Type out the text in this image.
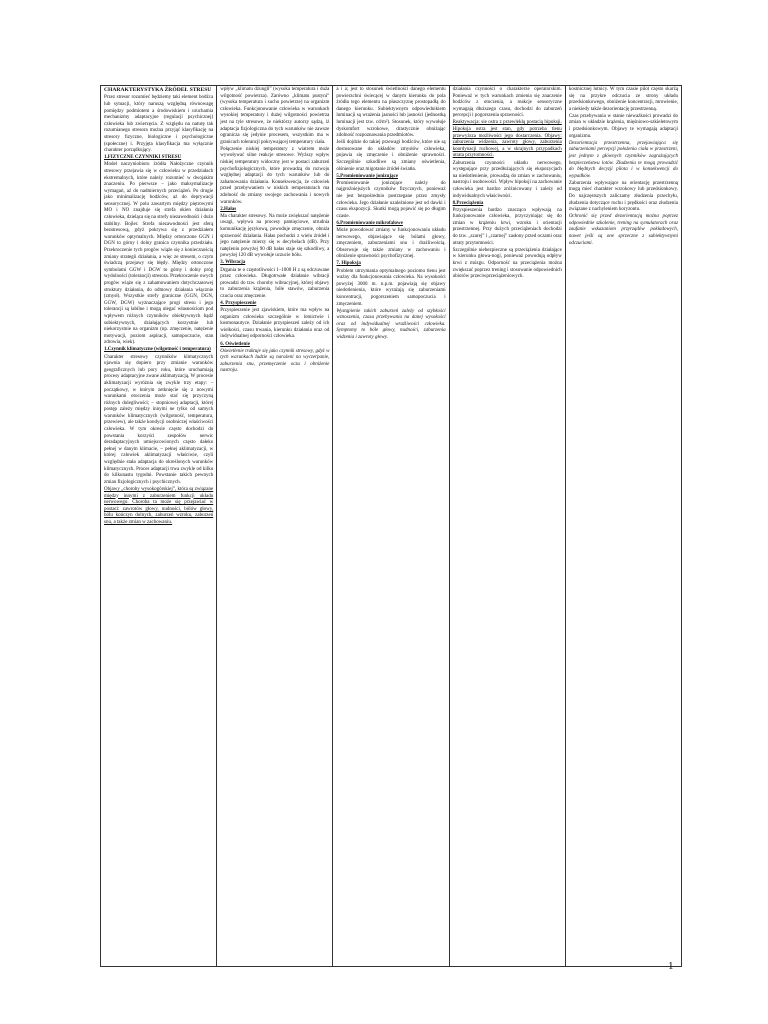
CHARAKTERYSTYKA ŹRÓDEŁ STRESU

Przez stresor rozumieć będziemy taki element bodźca lub sytuacji, który naruszą względną równowagę pomiędzy podmiotem a środowiskiem i uruchamia mechanizmy adaptacyjne (regulacji psychicznej) człowieka lub zwierzęcia. Z względu na naturę tak rozumianego stresora można przyjąć klasyfikację na stresory fizyczne, biologiczne i psychologiczne (społeczne) i. Przyjęta klasyfikacja ma wyłącznie charakter porządkujący.

1.FIZYCZNE CZYNNIKI STRESU

Model naczyniobioru źródła Nałożyczne czynnik stresowy przejawia się w człowieku w przedziałach ekstremalnych, które należy rozumieć w dwojakim znaczeniu. Po pierwsze – jako maksymalizacje wymagań, aż do nadmiernych przeciążeń. Po drugie jako minimalizację bodźców, aż do deprywacji sensorycznej. W polu zawartym między piętrowymi MO i NO znajduje się strefa okien działania człowieka, dzieląca się na strefy niezawodności i dużo stabilny. Bojler. Strefa niezawodności jest sferą bezstresową, gdyż pokrywa się z przedziałem warunków optymalnych. Między ortonczone GGN i DGN to górny i dolny granica czynnika przedziału. Przekroczenie tych progów wiąże się z koniecznością zmiany strategii działania, a więc ze stresem, o czym świadczą przejawy się błędy. Między ortonczone symbolami GGW i DGW to górny i dolny próg wydolności (tolerancji) stresora. Przekroczenie owych progów wiąże się z zahamowaniem dotychczasowej struktury działania, do odmowy działania włącznie (zmysł). Wszystkie strefy graniczne (GGN, DGN, GGW, DGW) wyznaczające progi stresu i jego tolerancji są labilne i mogą ulegać własnościom pod wpływem różnych czynników obiektywnych bądź subiektywnych, działających korzystnie lub niekorzystnie na organizm (np. zmęczenie, natężenie motywacji, poziom aspiracji, samopoczucie, stan zdrowia, wiek).

1.Czynnik klimatyczne (wilgotność i temperatura)

Charakter stresowy czynników klimatycznych ujawnia się dopiero przy zmianie warunków geograficznych lub pory roku, które uruchamiają procesy adaptacyjne zwane aklimatyzacją. W procesie aklimatyzacji wyróżnia się zwykle trzy etapy: – początkowy, w którym zetknięcie się z nowymi warunkami otoczenia może stać się przyczyną różnych dolegliwości; – stopniowej adaptacji, której postęp zależy między innymi ne tylko od samych warunków klimatycznych (wilgotność, temperatura, przewiew), ale także kondycji osobniczej właściwości człowieka. W tym okresie często dochodzi do powstania korzyści zespołów nerwic deradaptacyjnych umiejscowionych często dałeko pełnej w danym klimacie, – pełnej aklimatyzacji, w której człowiek aklimatyzacji właściwie, czyli względnie stała adaptacja do określonych warunków klimatycznych. Proces adaptacji trwa zwykle od kilku do kilkunastu tygodni. Powstanie takich pewnych zmian fizjologicznych i psychicznych.

Objawy „choroby wysokogórskiej”, która są związane między innymi z zaburzeniem funkcji układu nerwowego. Choroba ta może się przejawiać w postaci: zawrotów głowy, nudności, bólów głowy, bólu kończyn dolnych, zaburzeń wzroku, zaburzeń snu, a także zmian w zachowaniu.

wpływ „klimatu dżungli” (wysoka temperatura i duża wilgotność powietrza). Zarówno „klimatu pustyni” (wysoka temperatura i sucho powietrze) na organizm człowieka. Funkcjonowanie człowieka w warunkach wysokiej temperatury i dużej wilgotności powietrza jest na tyle stresowe, że niektórzy autorzy sądzą, iż adaptacja fizjologiczna do tych warunków nie zawsze ogranicza się jedynie procesem, wszystkim ma w granicach tolerancji pokrywającej temperatury ciała.

Połączenie niskiej temperatury z wiatrem może wywoływać silne reakcje stresowe. Wyższy wpływ niskiej temperatury widoczny jest w postaci zaburzeń psychofizjologicznych, które prowadzą do rozwoju względnej adaptacji do tych warunków lub do zahamowania działania. Konsekwencja, że człowiek przed przebywaniem w niskich temperaturach ma zdolność do zmiany swojego zachowania i nowych warunków.

2.Hałas

Ma charakter stresowy. Na może zwiększać natężenie uwagi, wpływa na procesy pamięciowe, utrudnia komunikację językową, powoduje zmęczenie, obniża sprawność działania. Hałas pochodzi z wielu źródeł i jego natężenie mierzy się w decybelach (dB). Przy natężeniu powyżej 90 dB hałas staje się szkodliwy, a powyżej 120 dB wywołuje uczucie bólu.

3. Wibracja

Drgania te o częstotliwości 1–1000 H z są odczuwane przez człowieka. Długotrwałe działanie wibracji prowadzi do tzw. choroby wibracyjnej, której objawy to zaburzenia krążenia, bóle stawów, zaburzenia czucia oraz zmęczenie.

4. Przyspieszenie

Przyspieszenie jest zjawiskiem, które ma wpływ na organizm człowieka szczególnie w lotnictwie i kosmonautyce. Działanie przyspieszeń zależy od ich wielkości, czasu trwania, kierunku działania oraz od indywidualnej odporności człowieka.

6. Oświetlenie

Oświetlenie traktuje się jako czynnik stresowy, gdyż w tych warunkach ludzie są narażeni na wyczerpanie, zaburzenia snu, przemęczenie oczu i obniżenie nastroju.

a i a; jest to stosunek świetlności danego elementu powierzchni świecącej w danym kierunku do pola źródła tego elementu na płaszczyznę prostopadłą do danego kierunku. Subiektywnym odpowiednikiem luminacji są wrażenia jasności lub jasności (jednostką luminacji jest tzw. cd/m²). Stosunek, który wywołuje dyskomfort wzrokowe, drastycznie obniżając zdolność rozpoznawania przedmiotów.

Jeśli dojdzie do takiej przewagi bodźców, które nie są dostosowane do układów zmysłów człowieka, pojawia się zmęczenie i obniżenie sprawności. Szczególnie szkodliwe są zmiany oświetlenia, olśnienie oraz migotanie źródeł światła.

5.Promieniowanie jonizujące

Promieniowanie jonizujące należy do najgroźniejszych czynników fizycznych, ponieważ nie jest bezpośrednio postrzegane przez zmysły człowieka. Jego działanie uzależnione jest od dawki i czasu ekspozycji. Skutki mogą pojawić się po długim czasie.

6.Promieniowanie mikrofalowe

Może powodować zmiany w funkcjonowaniu układu nerwowego, objawiające się bólami głowy, zmęczeniem, zaburzeniami snu i drażliwością. Obserwuje się także zmiany w zachowaniu i obniżenie sprawności psychofizycznej.

7. Hipoksja

Problem utrzymania optymalnego poziomu tlenu jest ważny dla funkcjonowania człowieka. Na wysokości powyżej 3000 m. n.p.m. pojawiają się objawy niedotlenienia, które wyrażają się zaburzeniami koncentracji, pogorszeniem samopoczucia i zmęczeniem.

Wystąpienie takich zaburzeń zależy od szybkości wznoszenia, czasu przebywania na danej wysokości oraz od indywidualnej wrażliwości człowieka. Symptomy to bóle głowy, nudności, zaburzenia widzenia i zawroty głowy.

działania czynności o charakterze operatorskim. Ponieważ w tych warunkach zmienia się znaczenie bodźców z otoczenia, a reakcje sensoryczne wymagają dłuższego czasu, dochodzi do zaburzeń percepcji i pogorszenia sprawności.

Reaktywacja: sie ostra z przewlekłą postacią hipoksji. Hipoksja ostra jest stan, gdy potrzeba tlenu przewyższa możliwości jego dostarczenia. Objawy: zaburzenia widzenia, zawroty głowy, zaburzenia koordynacji ruchowej, a w skrajnych przypadkach utrata przytomności.

Zaburzenia czynności układu nerwowego, występujące przy przedłużających się ekspozycjach na niedotlenienie, prowadzą do zmian w zachowaniu, nastroju i osobowości. Wpływ hipoksji na zachowanie człowieka jest bardzo zróżnicowany i zależy od indywidualnych właściwości.

8.Przeciążenia

Przyspieszenia bardzo znacząco wpływają na funkcjonowanie człowieka, przyczyniając się do zmian w krążeniu krwi, wzroku i orientacji przestrzennej. Przy dużych przeciążeniach dochodzi do tzw. „szarej” i „czarnej” zasłony przed oczami oraz utraty przytomności.

Szczególnie niebezpieczne są przeciążenia działające w kierunku głowa-nogi, ponieważ powodują odpływ krwi z mózgu. Odporność na przeciążenia można zwiększać poprzez trening i stosowanie odpowiednich ubiorów przeciwprzeciążeniowych.

kosmicznej lotnicy. W tym czasie pilot często skarżą się na przykre odczucia ze strony układu przedsionkowego, obniżenie koncentracji, mrowienie, a niekiedy także dezorientację przestrzenną.

Czas przebywania w stanie nieważkości prowadzi do zmian w układzie krążenia, mięśniowo-szkieletowym i przedsionkowym. Objawy te wymagają adaptacji organizmu.

Dezorientacja przestrzenna, przejawiająca się zaburzeniami percepcji położenia ciała w przestrzeni, jest jednym z głównych czynników zagrażających bezpieczeństwu lotów. Złudzenia te mogą prowadzić do błędnych decyzji pilota i w konsekwencji do wypadków.

Zaburzenia wpływające na orientację przestrzenną mogą mieć charakter wzrokowy lub przedsionkowy. Do najczęstszych zaliczamy złudzenia przechyłu, złudzenia dotyczące ruchu i prędkości oraz złudzenia związane z nachyleniem horyzontu.

Ochronić się przed dezorientacją można poprzez odpowiednie szkolenie, trening na symulatorach oraz zaufanie wskazaniom przyrządów pokładowych, nawet jeśli są one sprzeczne z subiektywnymi odczuciami.

1
